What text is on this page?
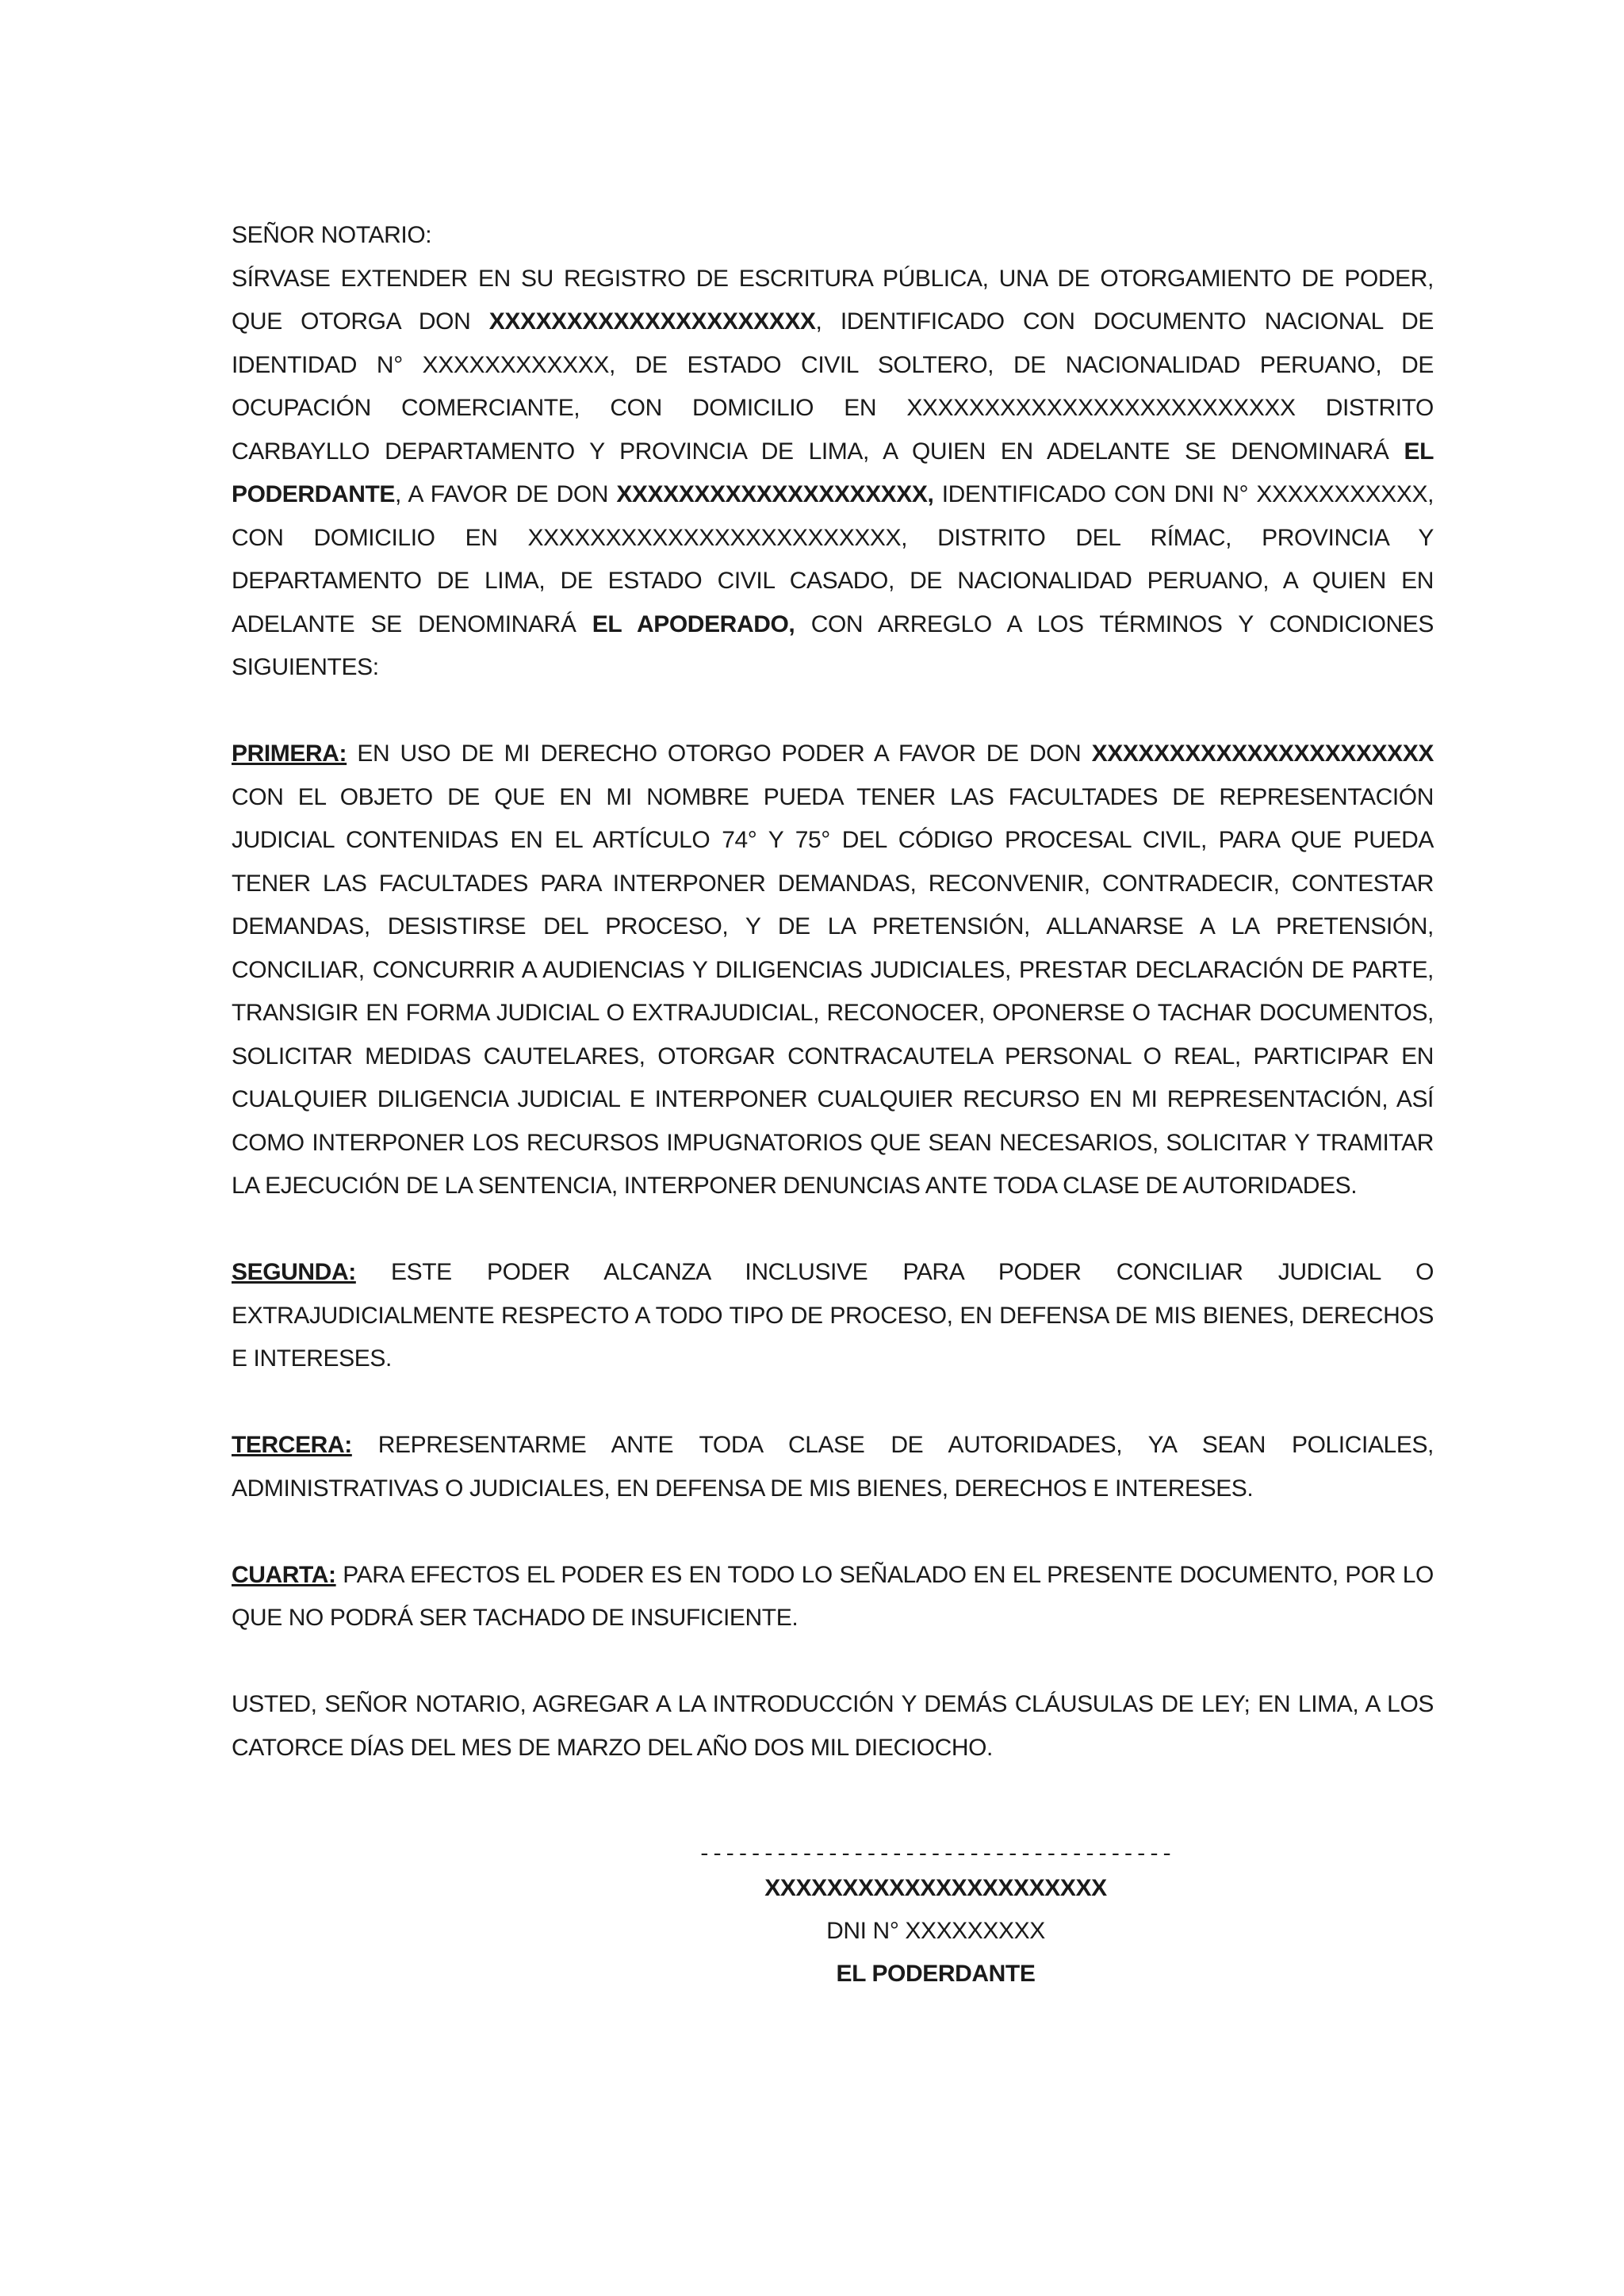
SEÑOR NOTARIO:

SÍRVASE EXTENDER EN SU REGISTRO DE ESCRITURA PÚBLICA, UNA DE OTORGAMIENTO DE PODER, QUE OTORGA DON XXXXXXXXXXXXXXXXXXXXX, IDENTIFICADO CON DOCUMENTO NACIONAL DE IDENTIDAD N° XXXXXXXXXXXX, DE ESTADO CIVIL SOLTERO, DE NACIONALIDAD PERUANO, DE OCUPACIÓN COMERCIANTE, CON DOMICILIO EN XXXXXXXXXXXXXXXXXXXXXXXXX DISTRITO CARBAYLLO DEPARTAMENTO Y PROVINCIA DE LIMA, A QUIEN EN ADELANTE SE DENOMINARÁ EL PODERDANTE, A FAVOR DE DON XXXXXXXXXXXXXXXXXXXX, IDENTIFICADO CON DNI N° XXXXXXXXXXX, CON DOMICILIO EN XXXXXXXXXXXXXXXXXXXXXXXX, DISTRITO DEL RÍMAC, PROVINCIA Y DEPARTAMENTO DE LIMA, DE ESTADO CIVIL CASADO, DE NACIONALIDAD PERUANO, A QUIEN EN ADELANTE SE DENOMINARÁ EL APODERADO, CON ARREGLO A LOS TÉRMINOS Y CONDICIONES SIGUIENTES:

PRIMERA: EN USO DE MI DERECHO OTORGO PODER A FAVOR DE DON XXXXXXXXXXXXXXXXXXXXXX CON EL OBJETO DE QUE EN MI NOMBRE PUEDA TENER LAS FACULTADES DE REPRESENTACIÓN JUDICIAL CONTENIDAS EN EL ARTÍCULO 74° Y 75° DEL CÓDIGO PROCESAL CIVIL, PARA QUE PUEDA TENER LAS FACULTADES PARA INTERPONER DEMANDAS, RECONVENIR, CONTRADECIR, CONTESTAR DEMANDAS, DESISTIRSE DEL PROCESO, Y DE LA PRETENSIÓN, ALLANARSE A LA PRETENSIÓN, CONCILIAR, CONCURRIR A AUDIENCIAS Y DILIGENCIAS JUDICIALES, PRESTAR DECLARACIÓN DE PARTE, TRANSIGIR EN FORMA JUDICIAL O EXTRAJUDICIAL, RECONOCER, OPONERSE O TACHAR DOCUMENTOS, SOLICITAR MEDIDAS CAUTELARES, OTORGAR CONTRACAUTELA PERSONAL O REAL, PARTICIPAR EN CUALQUIER DILIGENCIA JUDICIAL E INTERPONER CUALQUIER RECURSO EN MI REPRESENTACIÓN, ASÍ COMO INTERPONER LOS RECURSOS IMPUGNATORIOS QUE SEAN NECESARIOS, SOLICITAR Y TRAMITAR LA EJECUCIÓN DE LA SENTENCIA, INTERPONER DENUNCIAS ANTE TODA CLASE DE AUTORIDADES.

SEGUNDA: ESTE PODER ALCANZA INCLUSIVE PARA PODER CONCILIAR JUDICIAL O EXTRAJUDICIALMENTE RESPECTO A TODO TIPO DE PROCESO, EN DEFENSA DE MIS BIENES, DERECHOS E INTERESES.

TERCERA: REPRESENTARME ANTE TODA CLASE DE AUTORIDADES, YA SEAN POLICIALES, ADMINISTRATIVAS O JUDICIALES, EN DEFENSA DE MIS BIENES, DERECHOS E INTERESES.

CUARTA: PARA EFECTOS EL PODER ES EN TODO LO SEÑALADO EN EL PRESENTE DOCUMENTO, POR LO QUE NO PODRÁ SER TACHADO DE INSUFICIENTE.

USTED, SEÑOR NOTARIO, AGREGAR A LA INTRODUCCIÓN Y DEMÁS CLÁUSULAS DE LEY; EN LIMA, A LOS CATORCE DÍAS DEL MES DE MARZO DEL AÑO DOS MIL DIECIOCHO.

-------------------------------------
XXXXXXXXXXXXXXXXXXXXXX
DNI N° XXXXXXXXX
EL PODERDANTE
